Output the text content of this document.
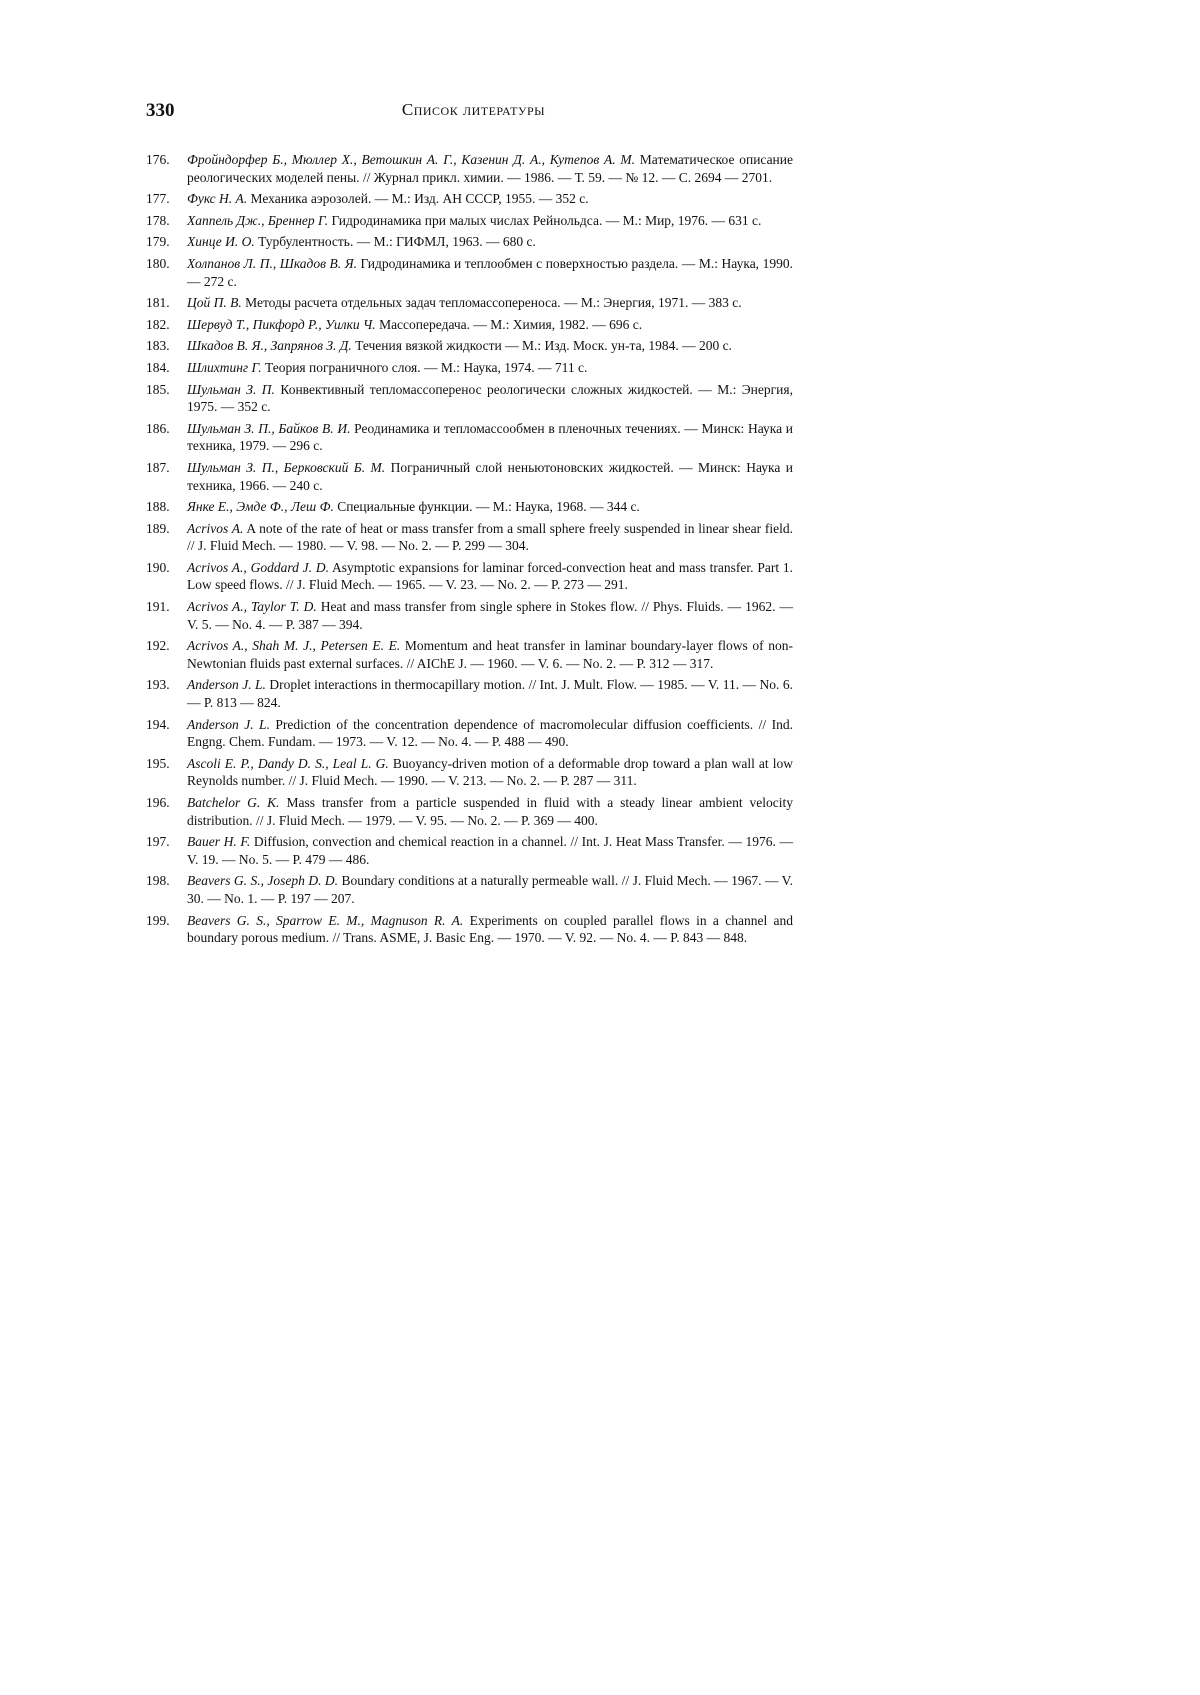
330	Список литературы
176. Фройндорфер Б., Мюллер Х., Ветошкин А. Г., Казенин Д. А., Кутепов А. М. Математическое описание реологических моделей пены. // Журнал прикл. химии. — 1986. — Т. 59. — № 12. — С. 2694 — 2701.
177. Фукс Н. А. Механика аэрозолей. — М.: Изд. АН СССР, 1955. — 352 с.
178. Хаппель Дж., Бреннер Г. Гидродинамика при малых числах Рейнольдса. — М.: Мир, 1976. — 631 с.
179. Хинце И. О. Турбулентность. — М.: ГИФМЛ, 1963. — 680 с.
180. Холпанов Л. П., Шкадов В. Я. Гидродинамика и теплообмен с поверхностью раздела. — М.: Наука, 1990. — 272 с.
181. Цой П. В. Методы расчета отдельных задач тепломассопереноса. — М.: Энергия, 1971. — 383 с.
182. Шервуд Т., Пикфорд Р., Уилки Ч. Массопередача. — М.: Химия, 1982. — 696 с.
183. Шкадов В. Я., Запрянов З. Д. Течения вязкой жидкости — М.: Изд. Моск. ун-та, 1984. — 200 с.
184. Шлихтинг Г. Теория пограничного слоя. — М.: Наука, 1974. — 711 с.
185. Шульман З. П. Конвективный тепломассоперенос реологически сложных жидкостей. — М.: Энергия, 1975. — 352 с.
186. Шульман З. П., Байков В. И. Реодинамика и тепломассообмен в пленочных течениях. — Минск: Наука и техника, 1979. — 296 с.
187. Шульман З. П., Берковский Б. М. Пограничный слой неньютоновских жидкостей. — Минск: Наука и техника, 1966. — 240 с.
188. Янке Е., Эмде Ф., Леш Ф. Специальные функции. — М.: Наука, 1968. — 344 с.
189. Acrivos A. A note of the rate of heat or mass transfer from a small sphere freely suspended in linear shear field. // J. Fluid Mech. — 1980. — V. 98. — No. 2. — P. 299 — 304.
190. Acrivos A., Goddard J. D. Asymptotic expansions for laminar forced-convection heat and mass transfer. Part 1. Low speed flows. // J. Fluid Mech. — 1965. — V. 23. — No. 2. — P. 273 — 291.
191. Acrivos A., Taylor T. D. Heat and mass transfer from single sphere in Stokes flow. // Phys. Fluids. — 1962. — V. 5. — No. 4. — P. 387 — 394.
192. Acrivos A., Shah M. J., Petersen E. E. Momentum and heat transfer in laminar boundary-layer flows of non-Newtonian fluids past external surfaces. // AIChE J. — 1960. — V. 6. — No. 2. — P. 312 — 317.
193. Anderson J. L. Droplet interactions in thermocapillary motion. // Int. J. Mult. Flow. — 1985. — V. 11. — No. 6. — P. 813 — 824.
194. Anderson J. L. Prediction of the concentration dependence of macromolecular diffusion coefficients. // Ind. Engng. Chem. Fundam. — 1973. — V. 12. — No. 4. — P. 488 — 490.
195. Ascoli E. P., Dandy D. S., Leal L. G. Buoyancy-driven motion of a deformable drop toward a plan wall at low Reynolds number. // J. Fluid Mech. — 1990. — V. 213. — No. 2. — P. 287 — 311.
196. Batchelor G. K. Mass transfer from a particle suspended in fluid with a steady linear ambient velocity distribution. // J. Fluid Mech. — 1979. — V. 95. — No. 2. — P. 369 — 400.
197. Bauer H. F. Diffusion, convection and chemical reaction in a channel. // Int. J. Heat Mass Transfer. — 1976. — V. 19. — No. 5. — P. 479 — 486.
198. Beavers G. S., Joseph D. D. Boundary conditions at a naturally permeable wall. // J. Fluid Mech. — 1967. — V. 30. — No. 1. — P. 197 — 207.
199. Beavers G. S., Sparrow E. M., Magnuson R. A. Experiments on coupled parallel flows in a channel and boundary porous medium. // Trans. ASME, J. Basic Eng. — 1970. — V. 92. — No. 4. — P. 843 — 848.
